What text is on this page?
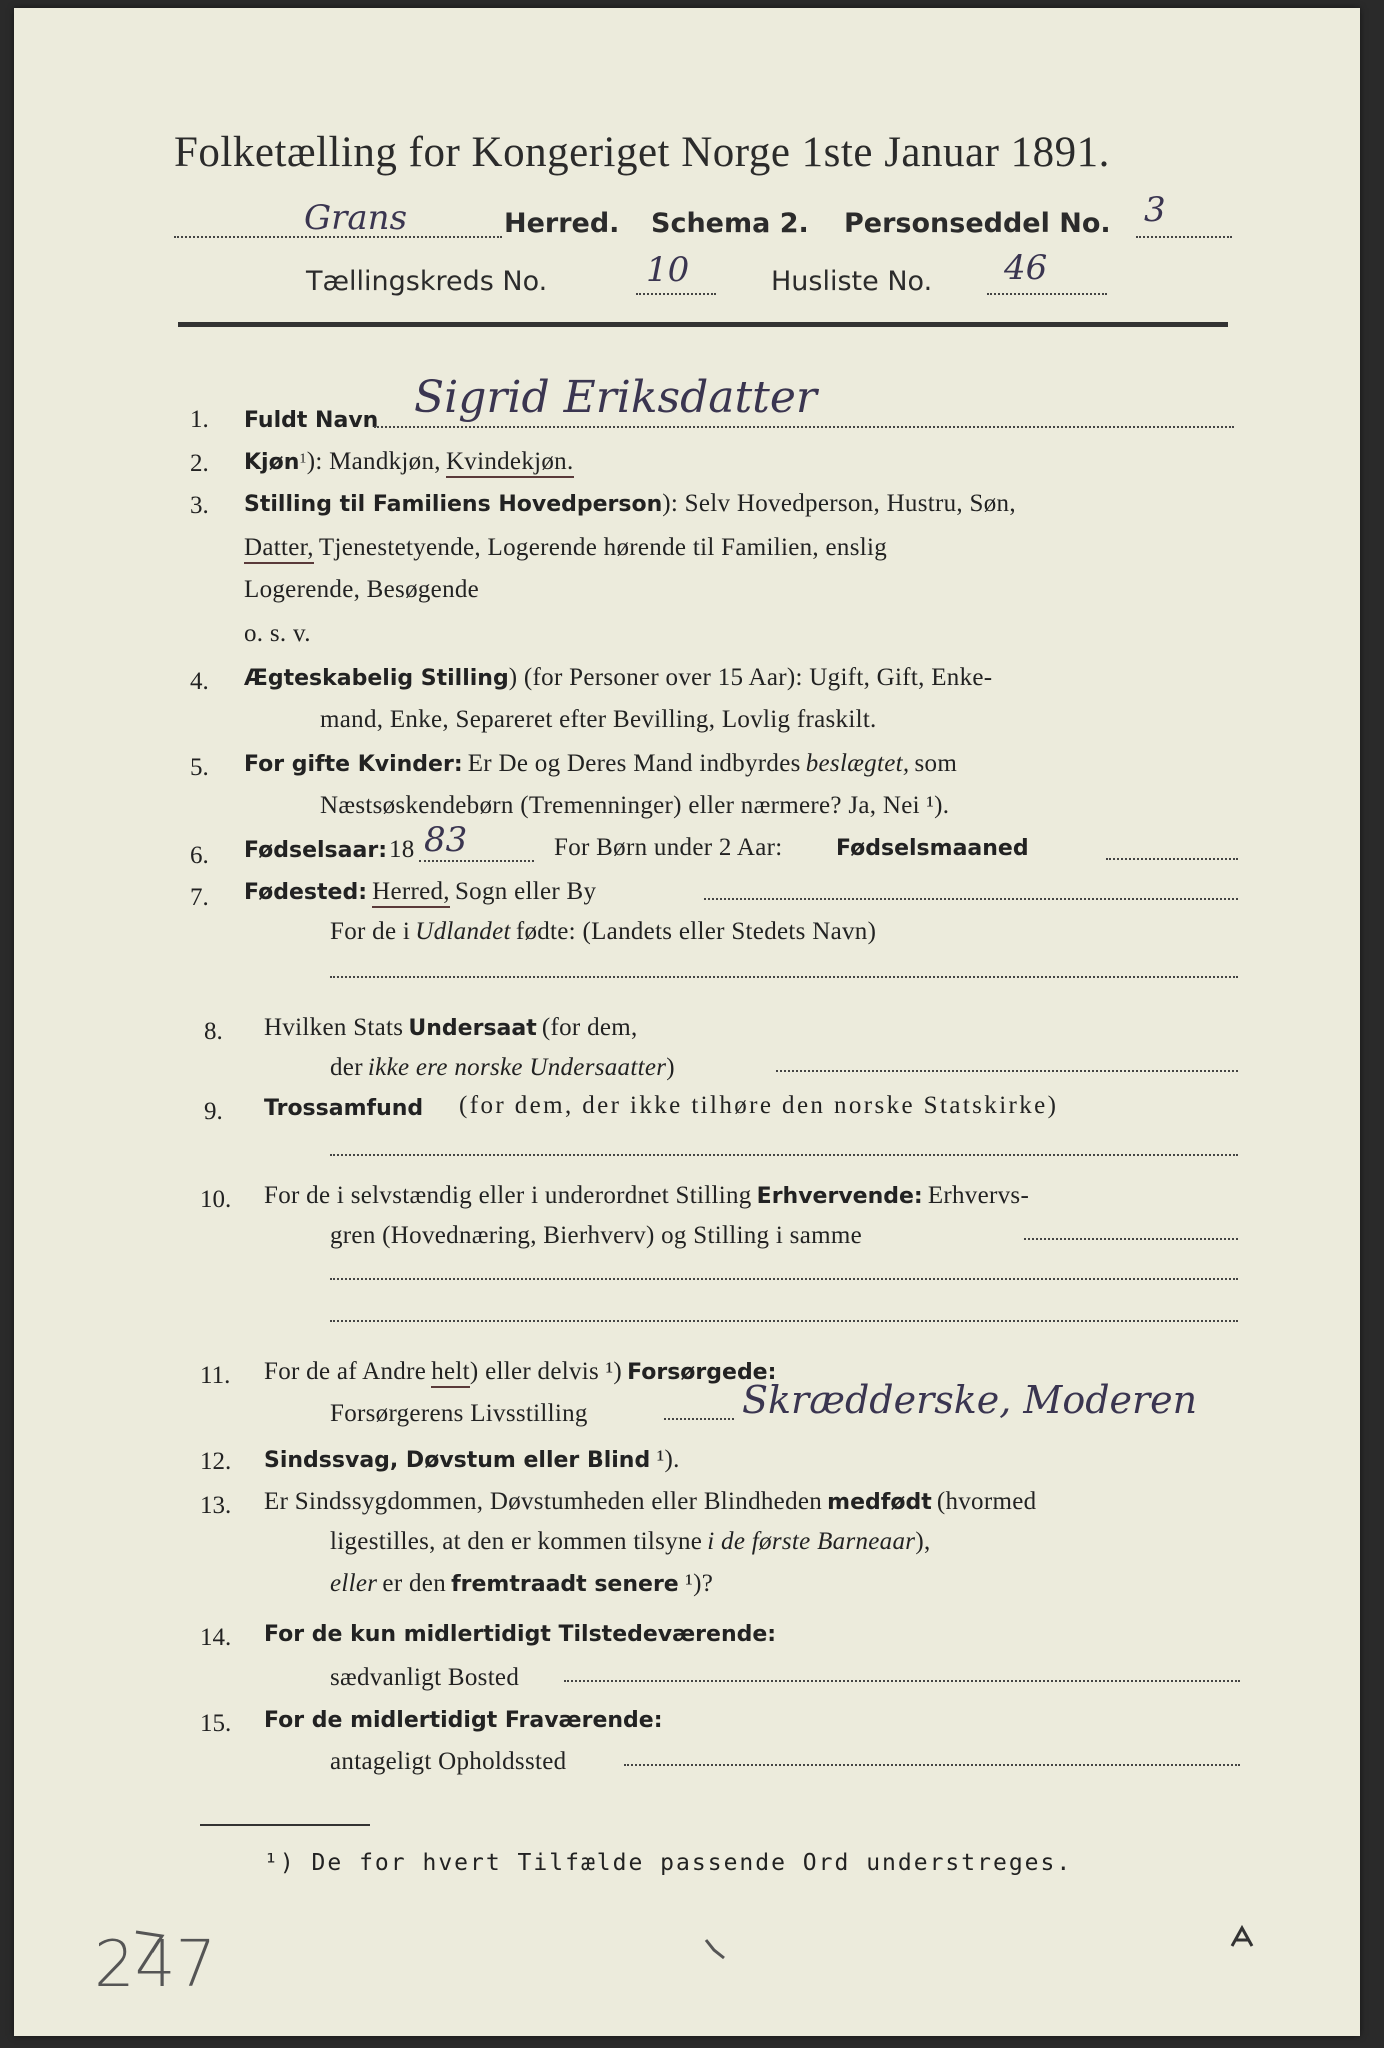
Folketælling for Kongeriget Norge 1ste Januar 1891.
Grans	Herred. Schema 2. Personseddel No. 3
Tællingskreds No.	10	Husliste No. 46
1. Fuldt Navn Sigrid Eriksdatter
2. Kjøn$^1$): Mandkjøn, Kvindekjøn.
3. Stilling til Familiens Hovedperson): Selv Hovedperson, Hustru, Søn,
Datter, Tjenestetyende, Logerende hørende til Familien, enslig
Logerende, Besøgende
o. s. v.
4. Ægteskabelig Stilling) (for Personer over 15 Aar): Ugift, Gift, Enke-
mand, Enke, Separeret efter Bevilling, Lovlig fraskilt.
5. For gifte Kvinder: Er De og Deres Mand indbyrdes beslægtet, som
Næstsøskendebørn (Tremenninger) eller nærmere? Ja, Nei ¹).
6. Fødselsaar: 18 83	For Børn under 2 Aar: Fødselsmaaned
7. Fødested: Herred, Sogn eller By
For de i Udlandet fødte: (Landets eller Stedets Navn)
8. Hvilken Stats Undersaat (for dem,
der ikke ere norske Undersaatter)
9. Trossamfund (for dem, der ikke tilhøre den norske Statskirke)
10. For de i selvstændig eller i underordnet Stilling Erhvervende: Erhvervs-
gren (Hovednæring, Bierhverv) og Stilling i samme
11. For de af Andre helt) eller delvis ¹) Forsørgede:
Forsørgerens Livsstilling	Skrædderske, Moderen
12. Sindssvag, Døvstum eller Blind ¹).
13. Er Sindssygdommen, Døvstumheden eller Blindheden medfødt (hvormed
ligestilles, at den er kommen tilsyne i de første Barneaar),
eller er den fremtraadt senere ¹)?
14. For de kun midlertidigt Tilstedeværende:
sædvanligt Bosted
15. For de midlertidigt Fraværende:
antageligt Opholdssted
¹) De for hvert Tilfælde passende Ord understreges.
247
